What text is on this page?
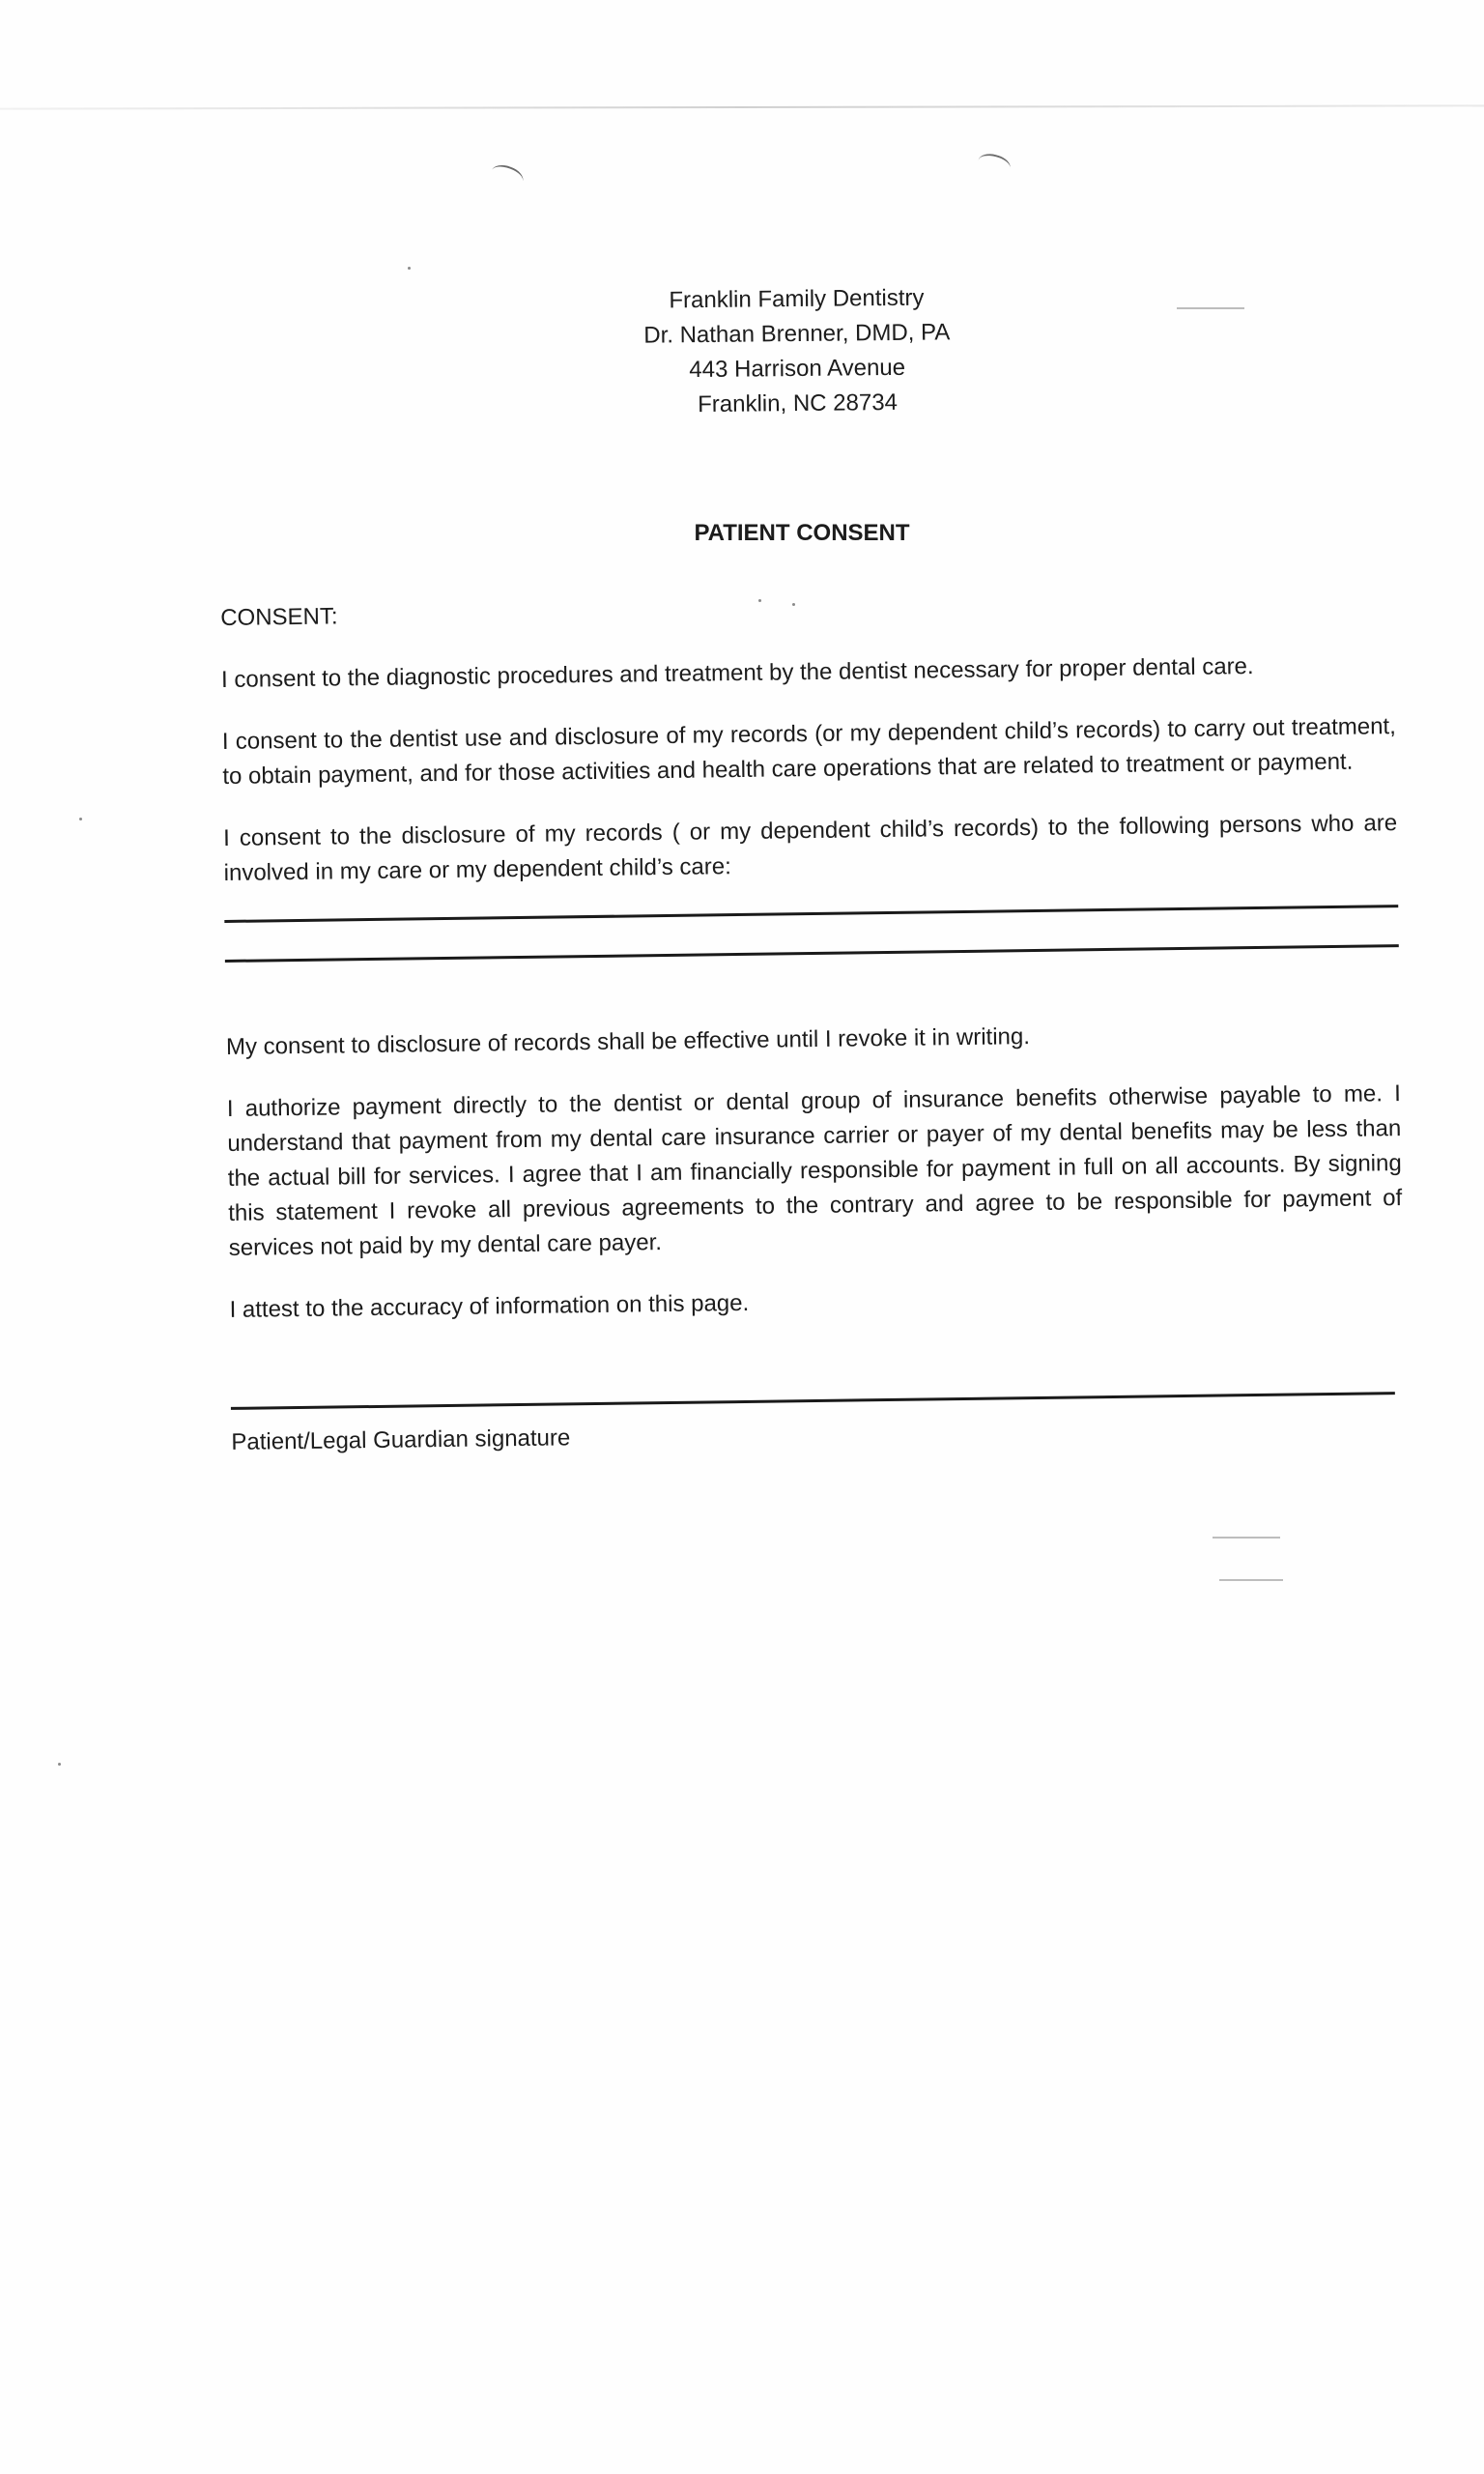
Franklin Family Dentistry
Dr. Nathan Brenner, DMD, PA
443 Harrison Avenue
Franklin, NC 28734
PATIENT CONSENT
CONSENT:

I consent to the diagnostic procedures and treatment by the dentist necessary for proper dental care.

I consent to the dentist use and disclosure of my records (or my dependent child’s records) to carry out treatment, to obtain payment, and for those activities and health care operations that are related to treatment or payment.

I consent to the disclosure of my records ( or my dependent child’s records) to the following persons who are involved in my care or my dependent child’s care:

My consent to disclosure of records shall be effective until I revoke it in writing.

I authorize payment directly to the dentist or dental group of insurance benefits otherwise payable to me. I understand that payment from my dental care insurance carrier or payer of my dental benefits may be less than the actual bill for services. I agree that I am financially responsible for payment in full on all accounts. By signing this statement I revoke all previous agreements to the contrary and agree to be responsible for payment of services not paid by my dental care payer.

I attest to the accuracy of information on this page.

Patient/Legal Guardian signature
